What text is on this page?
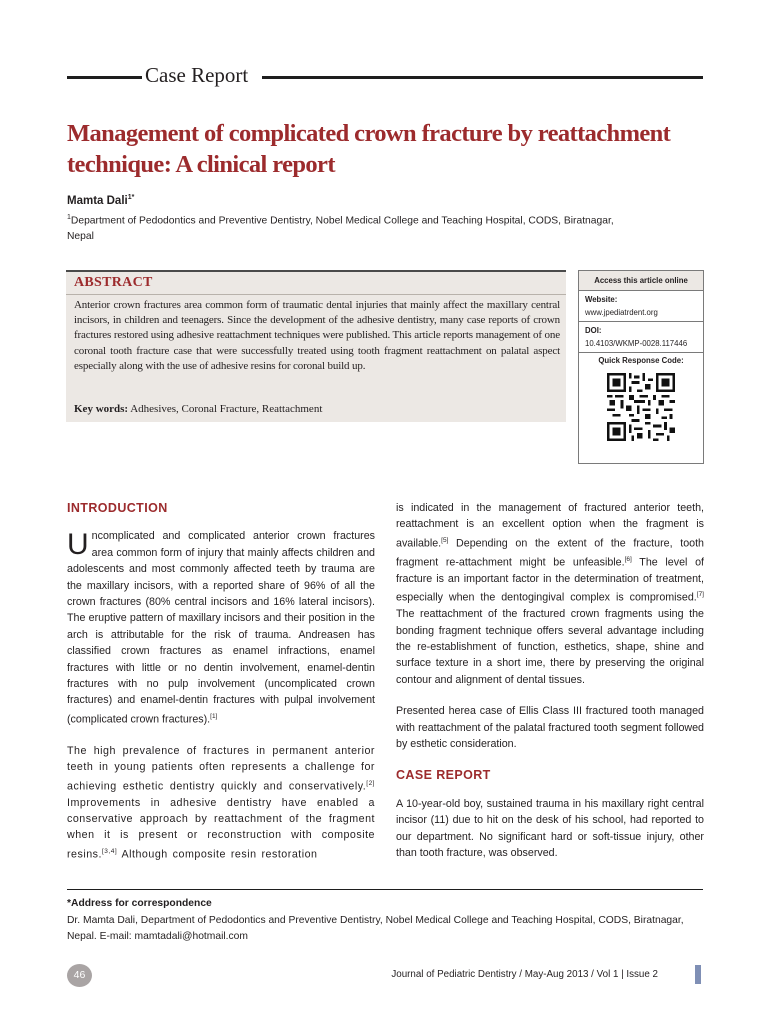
Case Report
Management of complicated crown fracture by reattachment technique: A clinical report
Mamta Dali$^{1*}$
$^1$Department of Pedodontics and Preventive Dentistry, Nobel Medical College and Teaching Hospital, CODS, Biratnagar, Nepal
ABSTRACT
Anterior crown fractures area common form of traumatic dental injuries that mainly affect the maxillary central incisors, in children and teenagers. Since the development of the adhesive dentistry, many case reports of crown fractures restored using adhesive reattachment techniques were published. This article reports management of one coronal tooth fracture case that were successfully treated using tooth fragment reattachment on palatal aspect especially along with the use of adhesive resins for coronal build up.
Key words: Adhesives, Coronal Fracture, Reattachment
Access this article online
Website:
www.jpediatrdent.org
DOI:
10.4103/WKMP-0028.117446
Quick Response Code:
INTRODUCTION

Uncomplicated and complicated anterior crown fractures area common form of injury that mainly affects children and adolescents and most commonly affected teeth by trauma are the maxillary incisors, with a reported share of 96% of all the crown fractures (80% central incisors and 16% lateral incisors). The eruptive pattern of maxillary incisors and their position in the arch is attributable for the risk of trauma. Andreasen has classified crown fractures as enamel infractions, enamel fractures with little or no dentin involvement, enamel-dentin fractures with no pulp involvement (uncomplicated crown fractures) and enamel-dentin fractures with pulpal involvement (complicated crown fractures).[1]

The high prevalence of fractures in permanent anterior teeth in young patients often represents a challenge for achieving esthetic dentistry quickly and conservatively.[2] Improvements in adhesive dentistry have enabled a conservative approach by reattachment of the fragment when it is present or reconstruction with composite resins.[3,4] Although composite resin restoration

is indicated in the management of fractured anterior teeth, reattachment is an excellent option when the fragment is available.[5] Depending on the extent of the fracture, tooth fragment re-attachment might be unfeasible.[6] The level of fracture is an important factor in the determination of treatment, especially when the dentogingival complex is compromised.[7] The reattachment of the fractured crown fragments using the bonding fragment technique offers several advantage including the re-establishment of function, esthetics, shape, shine and surface texture in a short ime, there by preserving the original contour and alignment of dental tissues.

Presented herea case of Ellis Class III fractured tooth managed with reattachment of the palatal fractured tooth segment followed by esthetic consideration.

CASE REPORT

A 10-year-old boy, sustained trauma in his maxillary right central incisor (11) due to hit on the desk of his school, had reported to our department. No significant hard or soft-tissue injury, other than tooth fracture, was observed.

*Address for correspondence
Dr. Mamta Dali, Department of Pedodontics and Preventive Dentistry, Nobel Medical College and Teaching Hospital, CODS, Biratnagar, Nepal. E-mail: mamtadali@hotmail.com
46	Journal of Pediatric Dentistry / May-Aug 2013 / Vol 1 | Issue 2
